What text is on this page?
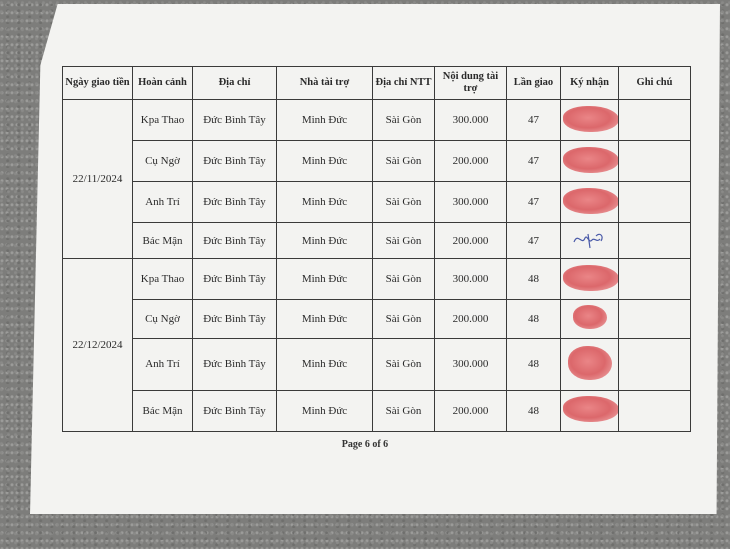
Ngày giao tiền	Hoàn cảnh	Địa chỉ	Nhà tài trợ	Địa chỉ NTT	Nội dung tài trợ	Lần giao	Ký nhận	Ghi chú
22/11/2024	Kpa Thao	Đức Bình Tây	Minh Đức	Sài Gòn	300.000	47		
	Cụ Ngờ	Đức Bình Tây	Minh Đức	Sài Gòn	200.000	47		
	Anh Trí	Đức Bình Tây	Minh Đức	Sài Gòn	300.000	47		
	Bác Mận	Đức Bình Tây	Minh Đức	Sài Gòn	200.000	47		
22/12/2024	Kpa Thao	Đức Bình Tây	Minh Đức	Sài Gòn	300.000	48		
	Cụ Ngờ	Đức Bình Tây	Minh Đức	Sài Gòn	200.000	48		
	Anh Trí	Đức Bình Tây	Minh Đức	Sài Gòn	300.000	48		
	Bác Mận	Đức Bình Tây	Minh Đức	Sài Gòn	200.000	48		
Page 6 of 6
